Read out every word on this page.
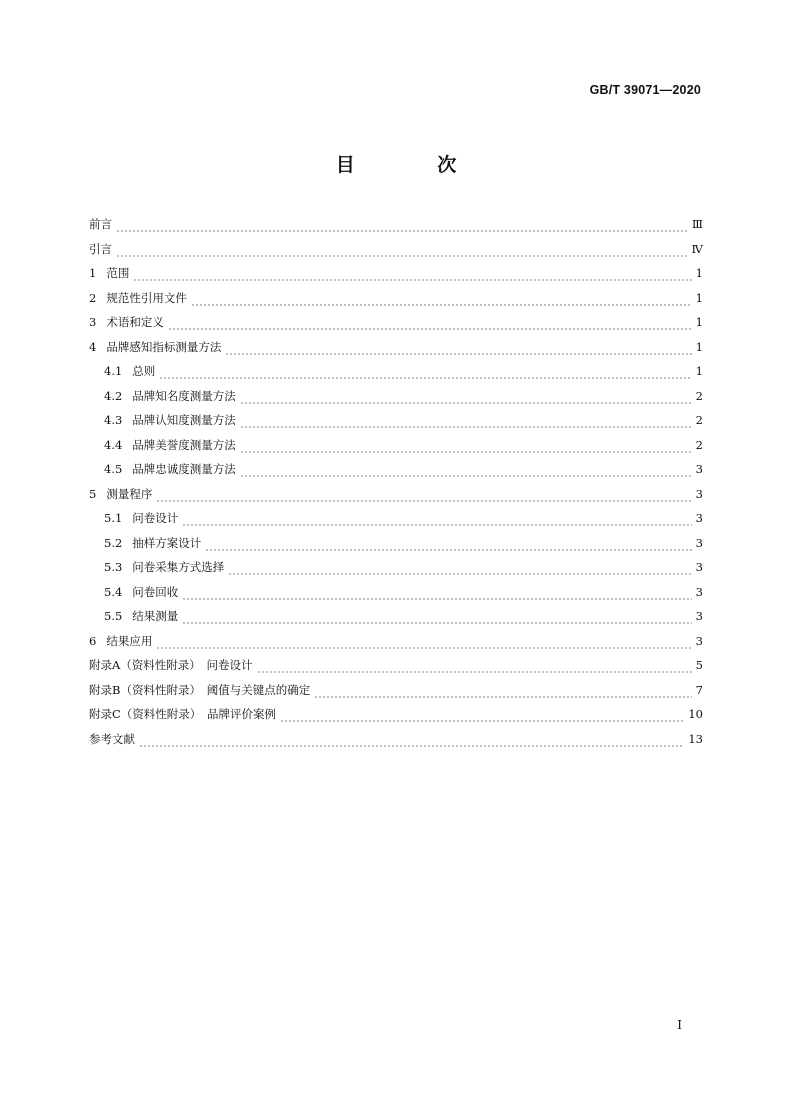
GB/T 39071—2020
目 次
前言	Ⅲ
引言	Ⅳ
1 范围	1
2 规范性引用文件	1
3 术语和定义	1
4 品牌感知指标测量方法	1
4.1 总则	1
4.2 品牌知名度测量方法	2
4.3 品牌认知度测量方法	2
4.4 品牌美誉度测量方法	2
4.5 品牌忠诚度测量方法	3
5 测量程序	3
5.1 问卷设计	3
5.2 抽样方案设计	3
5.3 问卷采集方式选择	3
5.4 问卷回收	3
5.5 结果测量	3
6 结果应用	3
附录A（资料性附录）　问卷设计	5
附录B（资料性附录）　阈值与关键点的确定	7
附录C（资料性附录）　品牌评价案例	10
参考文献	13
Ⅰ
